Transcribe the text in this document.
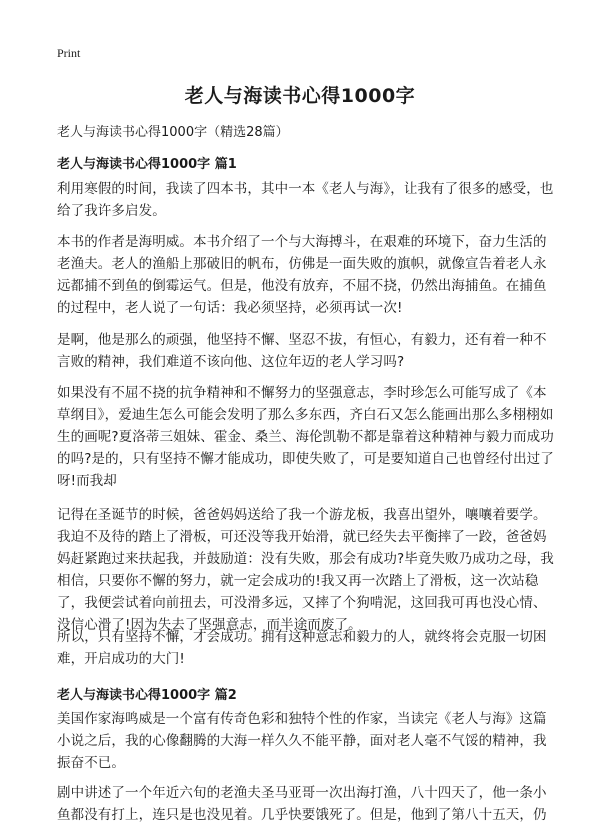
Print
老人与海读书心得1000字

老人与海读书心得1000字（精选28篇）

老人与海读书心得1000字 篇1

利用寒假的时间，我读了四本书，其中一本《老人与海》，让我有了很多的感受，也给了我许多启发。

本书的作者是海明威。本书介绍了一个与大海搏斗，在艰难的环境下，奋力生活的老渔夫。老人的渔船上那破旧的帆布，仿佛是一面失败的旗帜，就像宣告着老人永远都捕不到鱼的倒霉运气。但是，他没有放弃，不屈不挠，仍然出海捕鱼。在捕鱼的过程中，老人说了一句话：我必须坚持，必须再试一次!

是啊，他是那么的顽强，他坚持不懈、坚忍不拔，有恒心，有毅力，还有着一种不言败的精神，我们难道不该向他、这位年迈的老人学习吗?

如果没有不屈不挠的抗争精神和不懈努力的坚强意志，李时珍怎么可能写成了《本草纲目》，爱迪生怎么可能会发明了那么多东西，齐白石又怎么能画出那么多栩栩如生的画呢?夏洛蒂三姐妹、霍金、桑兰、海伦凯勒不都是靠着这种精神与毅力而成功的吗?是的，只有坚持不懈才能成功，即使失败了，可是要知道自己也曾经付出过了呀!而我却

记得在圣诞节的时候，爸爸妈妈送给了我一个游龙板，我喜出望外，嚷嚷着要学。我迫不及待的踏上了滑板，可还没等我开始滑，就已经失去平衡摔了一跤，爸爸妈妈赶紧跑过来扶起我，并鼓励道：没有失败，那会有成功?毕竟失败乃成功之母，我相信，只要你不懈的努力，就一定会成功的!我又再一次踏上了滑板，这一次站稳了，我便尝试着向前扭去，可没滑多远，又摔了个狗啃泥，这回我可再也没心情、没信心滑了!因为失去了坚强意志，而半途而废了。

所以，只有坚持不懈，才会成功。拥有这种意志和毅力的人，就终将会克服一切困难，开启成功的大门!

老人与海读书心得1000字 篇2

美国作家海鸣威是一个富有传奇色彩和独特个性的作家，当读完《老人与海》这篇小说之后，我的心像翻腾的大海一样久久不能平静，面对老人毫不气馁的精神，我振奋不已。

剧中讲述了一个年近六旬的老渔夫圣马亚哥一次出海打渔，八十四天了，他一条小鱼都没有打上，连只是也没见着。几乎快要饿死了。但是，他到了第八十五天，仍
